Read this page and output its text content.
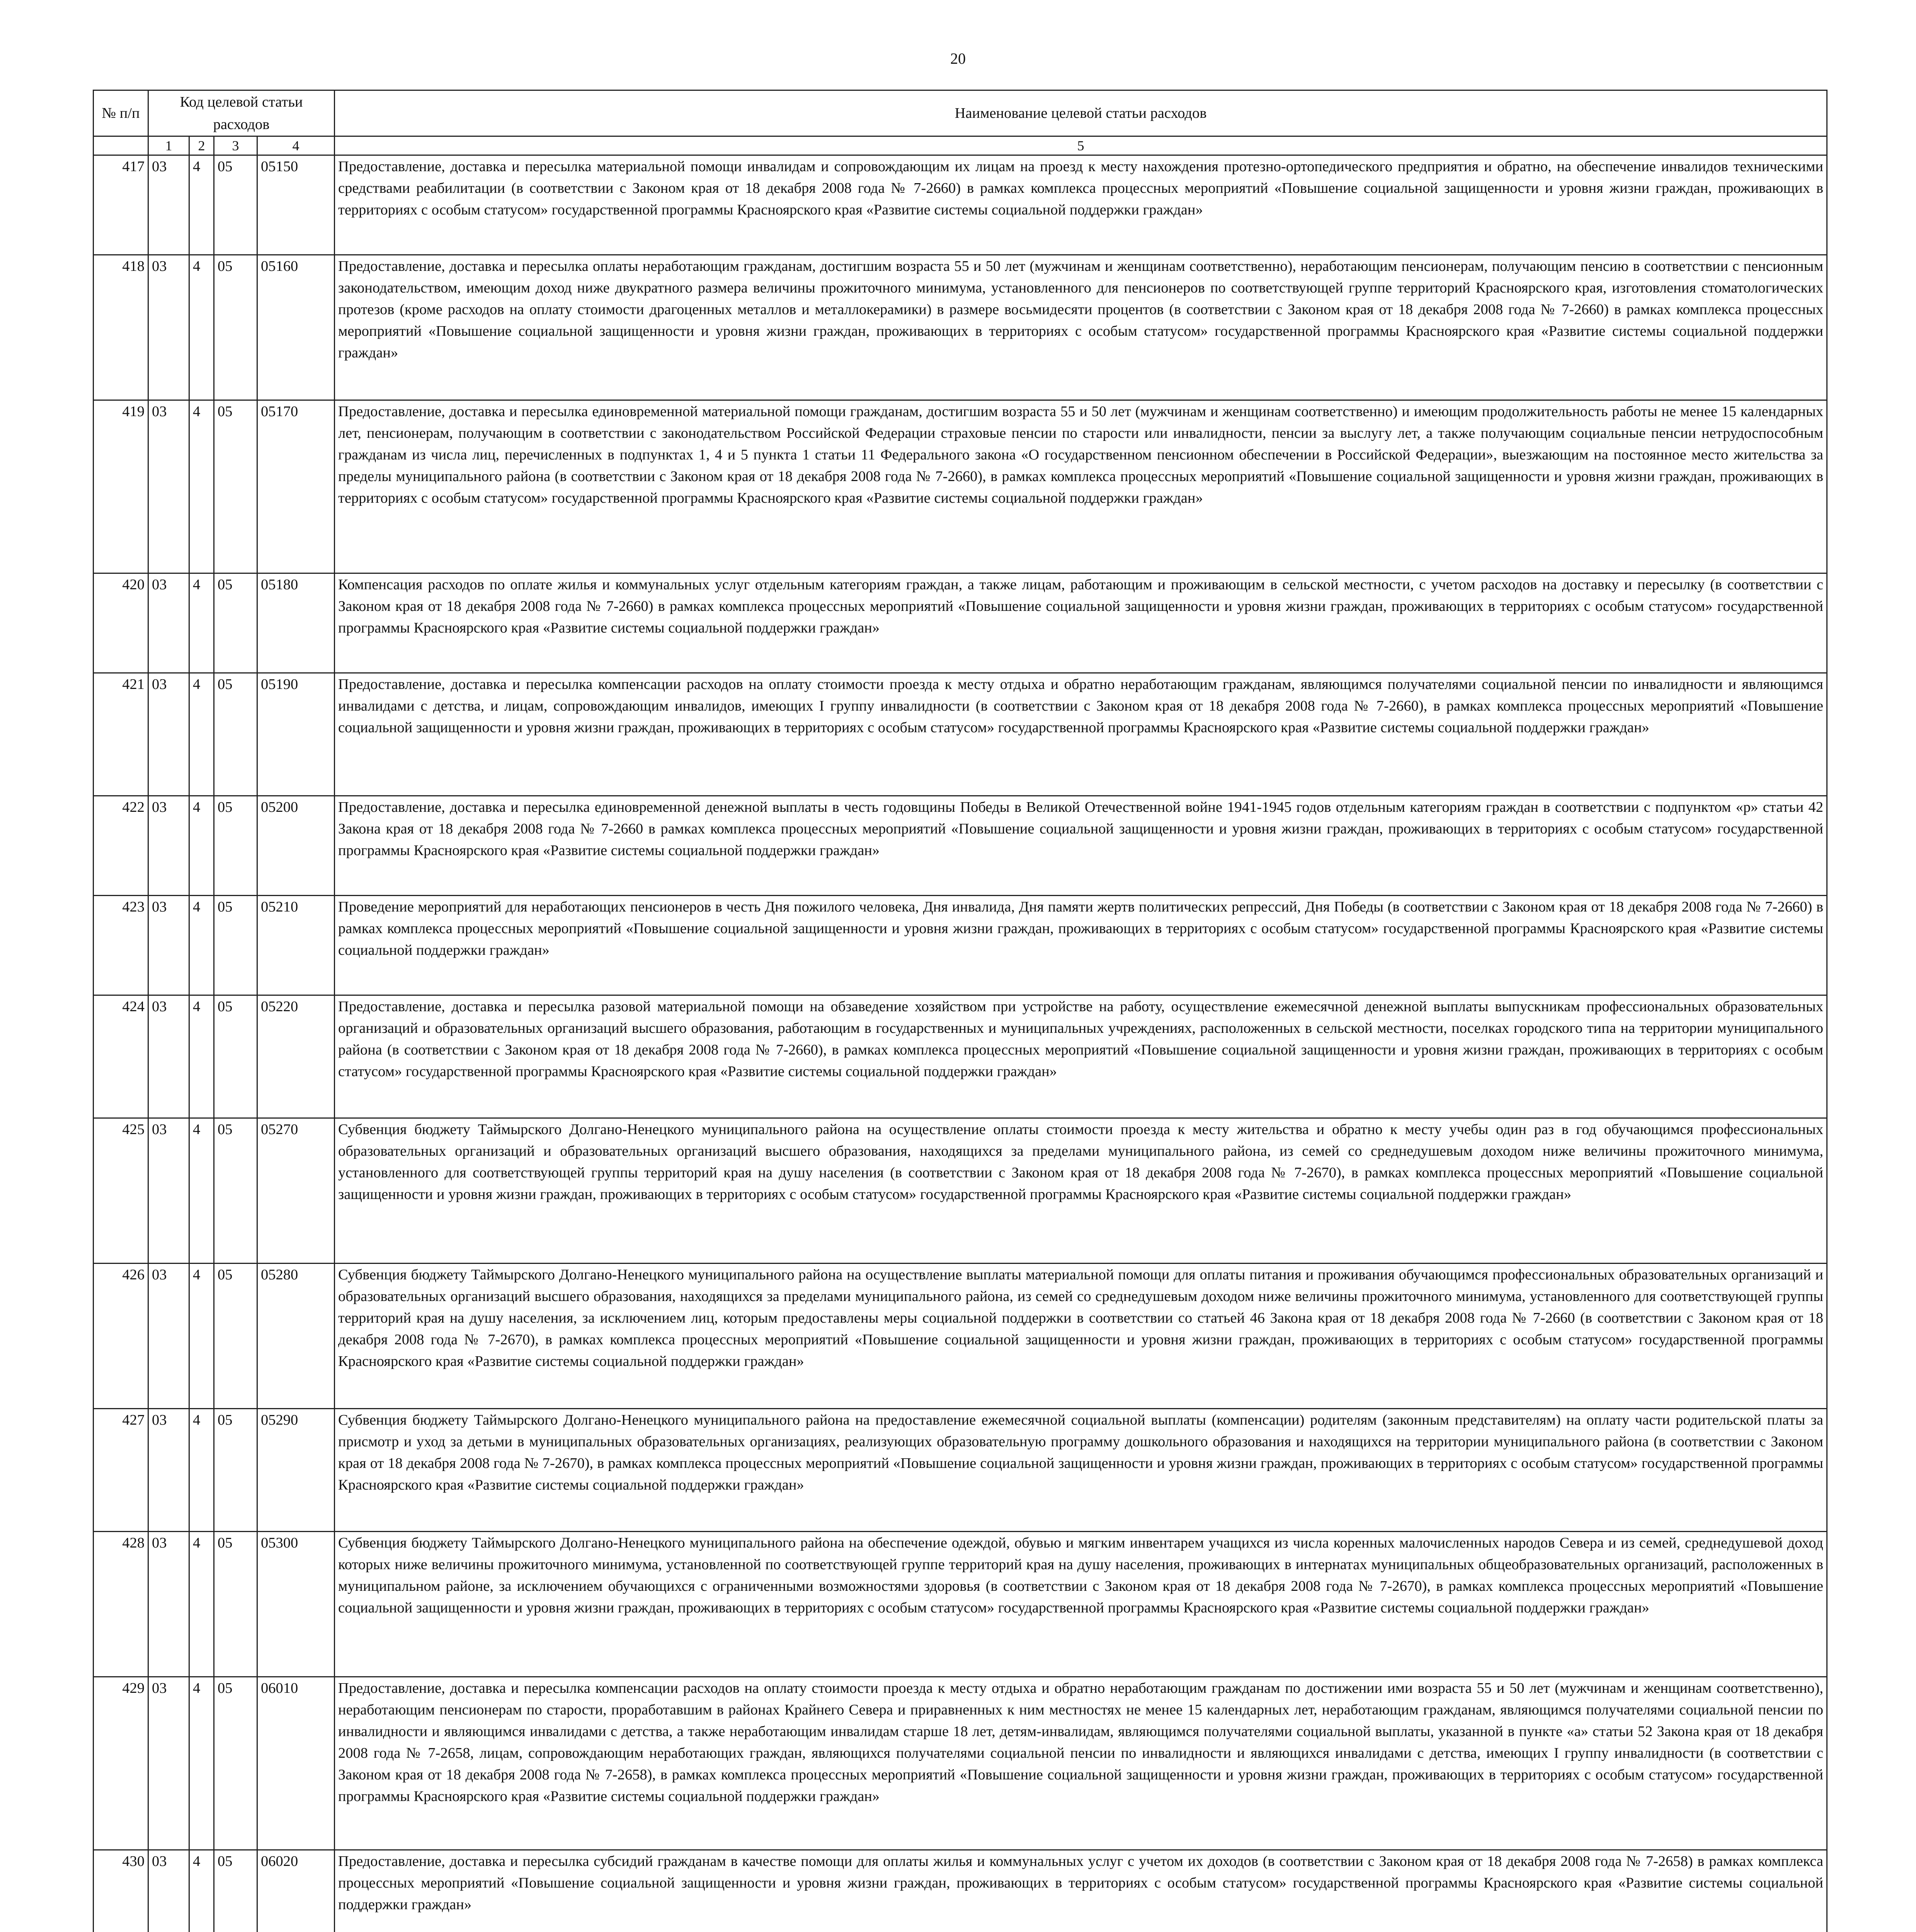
20
№ п/п	Код целевой статьи расходов				Наименование целевой статьи расходов

	1	2	3	4	5
417	03	4	05	05150	Предоставление, доставка и пересылка материальной помощи инвалидам и сопровождающим их лицам на проезд к месту нахождения протезно-ортопедического предприятия и обратно, на обеспечение инвалидов техническими средствами реабилитации (в соответствии с Законом края от 18 декабря 2008 года № 7-2660) в рамках комплекса процессных мероприятий «Повышение социальной защищенности и уровня жизни граждан, проживающих в территориях с особым статусом» государственной программы Красноярского края «Развитие системы социальной поддержки граждан»
418	03	4	05	05160	Предоставление, доставка и пересылка оплаты неработающим гражданам, достигшим возраста 55 и 50 лет (мужчинам и женщинам соответственно), неработающим пенсионерам, получающим пенсию в соответствии с пенсионным законодательством, имеющим доход ниже двукратного размера величины прожиточного минимума, установленного для пенсионеров по соответствующей группе территорий Красноярского края, изготовления стоматологических протезов (кроме расходов на оплату стоимости драгоценных металлов и металлокерамики) в размере восьмидесяти процентов (в соответствии с Законом края от 18 декабря 2008 года № 7-2660) в рамках комплекса процессных мероприятий «Повышение социальной защищенности и уровня жизни граждан, проживающих в территориях с особым статусом» государственной программы Красноярского края «Развитие системы социальной поддержки граждан»
419	03	4	05	05170	Предоставление, доставка и пересылка единовременной материальной помощи гражданам, достигшим возраста 55 и 50 лет (мужчинам и женщинам соответственно) и имеющим продолжительность работы не менее 15 календарных лет, пенсионерам, получающим в соответствии с законодательством Российской Федерации страховые пенсии по старости или инвалидности, пенсии за выслугу лет, а также получающим социальные пенсии нетрудоспособным гражданам из числа лиц, перечисленных в подпунктах 1, 4 и 5 пункта 1 статьи 11 Федерального закона «О государственном пенсионном обеспечении в Российской Федерации», выезжающим на постоянное место жительства за пределы муниципального района (в соответствии с Законом края от 18 декабря 2008 года № 7-2660), в рамках комплекса процессных мероприятий «Повышение социальной защищенности и уровня жизни граждан, проживающих в территориях с особым статусом» государственной программы Красноярского края «Развитие системы социальной поддержки граждан»
420	03	4	05	05180	Компенсация расходов по оплате жилья и коммунальных услуг отдельным категориям граждан, а также лицам, работающим и проживающим в сельской местности, с учетом расходов на доставку и пересылку (в соответствии с Законом края от 18 декабря 2008 года № 7-2660) в рамках комплекса процессных мероприятий «Повышение социальной защищенности и уровня жизни граждан, проживающих в территориях с особым статусом» государственной программы Красноярского края «Развитие системы социальной поддержки граждан»
421	03	4	05	05190	Предоставление, доставка и пересылка компенсации расходов на оплату стоимости проезда к месту отдыха и обратно неработающим гражданам, являющимся получателями социальной пенсии по инвалидности и являющимся инвалидами с детства, и лицам, сопровождающим инвалидов, имеющих I группу инвалидности (в соответствии с Законом края от 18 декабря 2008 года № 7-2660), в рамках комплекса процессных мероприятий «Повышение социальной защищенности и уровня жизни граждан, проживающих в территориях с особым статусом» государственной программы Красноярского края «Развитие системы социальной поддержки граждан»
422	03	4	05	05200	Предоставление, доставка и пересылка единовременной денежной выплаты в честь годовщины Победы в Великой Отечественной войне 1941-1945 годов отдельным категориям граждан в соответствии с подпунктом «р» статьи 42 Закона края от 18 декабря 2008 года № 7-2660 в рамках комплекса процессных мероприятий «Повышение социальной защищенности и уровня жизни граждан, проживающих в территориях с особым статусом» государственной программы Красноярского края «Развитие системы социальной поддержки граждан»
423	03	4	05	05210	Проведение мероприятий для неработающих пенсионеров в честь Дня пожилого человека, Дня инвалида, Дня памяти жертв политических репрессий, Дня Победы (в соответствии с Законом края от 18 декабря 2008 года № 7-2660) в рамках комплекса процессных мероприятий «Повышение социальной защищенности и уровня жизни граждан, проживающих в территориях с особым статусом» государственной программы Красноярского края «Развитие системы социальной поддержки граждан»
424	03	4	05	05220	Предоставление, доставка и пересылка разовой материальной помощи на обзаведение хозяйством при устройстве на работу, осуществление ежемесячной денежной выплаты выпускникам профессиональных образовательных организаций и образовательных организаций высшего образования, работающим в государственных и муниципальных учреждениях, расположенных в сельской местности, поселках городского типа на территории муниципального района (в соответствии с Законом края от 18 декабря 2008 года № 7-2660), в рамках комплекса процессных мероприятий «Повышение социальной защищенности и уровня жизни граждан, проживающих в территориях с особым статусом» государственной программы Красноярского края «Развитие системы социальной поддержки граждан»
425	03	4	05	05270	Субвенция бюджету Таймырского Долгано-Ненецкого муниципального района на осуществление оплаты стоимости проезда к месту жительства и обратно к месту учебы один раз в год обучающимся профессиональных образовательных организаций и образовательных организаций высшего образования, находящихся за пределами муниципального района, из семей со среднедушевым доходом ниже величины прожиточного минимума, установленного для соответствующей группы территорий края на душу населения (в соответствии с Законом края от 18 декабря 2008 года № 7-2670), в рамках комплекса процессных мероприятий «Повышение социальной защищенности и уровня жизни граждан, проживающих в территориях с особым статусом» государственной программы Красноярского края «Развитие системы социальной поддержки граждан»
426	03	4	05	05280	Субвенция бюджету Таймырского Долгано-Ненецкого муниципального района на осуществление выплаты материальной помощи для оплаты питания и проживания обучающимся профессиональных образовательных организаций и образовательных организаций высшего образования, находящихся за пределами муниципального района, из семей со среднедушевым доходом ниже величины прожиточного минимума, установленного для соответствующей группы территорий края на душу населения, за исключением лиц, которым предоставлены меры социальной поддержки в соответствии со статьей 46 Закона края от 18 декабря 2008 года № 7-2660 (в соответствии с Законом края от 18 декабря 2008 года № 7-2670), в рамках комплекса процессных мероприятий «Повышение социальной защищенности и уровня жизни граждан, проживающих в территориях с особым статусом» государственной программы Красноярского края «Развитие системы социальной поддержки граждан»
427	03	4	05	05290	Субвенция бюджету Таймырского Долгано-Ненецкого муниципального района на предоставление ежемесячной социальной выплаты (компенсации) родителям (законным представителям) на оплату части родительской платы за присмотр и уход за детьми в муниципальных образовательных организациях, реализующих образовательную программу дошкольного образования и находящихся на территории муниципального района (в соответствии с Законом края от 18 декабря 2008 года № 7-2670), в рамках комплекса процессных мероприятий «Повышение социальной защищенности и уровня жизни граждан, проживающих в территориях с особым статусом» государственной программы Красноярского края «Развитие системы социальной поддержки граждан»
428	03	4	05	05300	Субвенция бюджету Таймырского Долгано-Ненецкого муниципального района на обеспечение одеждой, обувью и мягким инвентарем учащихся из числа коренных малочисленных народов Севера и из семей, среднедушевой доход которых ниже величины прожиточного минимума, установленной по соответствующей группе территорий края на душу населения, проживающих в интернатах муниципальных общеобразовательных организаций, расположенных в муниципальном районе, за исключением обучающихся с ограниченными возможностями здоровья (в соответствии с Законом края от 18 декабря 2008 года № 7-2670), в рамках комплекса процессных мероприятий «Повышение социальной защищенности и уровня жизни граждан, проживающих в территориях с особым статусом» государственной программы Красноярского края «Развитие системы социальной поддержки граждан»
429	03	4	05	06010	Предоставление, доставка и пересылка компенсации расходов на оплату стоимости проезда к месту отдыха и обратно неработающим гражданам по достижении ими возраста 55 и 50 лет (мужчинам и женщинам соответственно), неработающим пенсионерам по старости, проработавшим в районах Крайнего Севера и приравненных к ним местностях не менее 15 календарных лет, неработающим гражданам, являющимся получателями социальной пенсии по инвалидности и являющимся инвалидами с детства, а также неработающим инвалидам старше 18 лет, детям-инвалидам, являющимся получателями социальной выплаты, указанной в пункте «а» статьи 52 Закона края от 18 декабря 2008 года № 7-2658, лицам, сопровождающим неработающих граждан, являющихся получателями социальной пенсии по инвалидности и являющихся инвалидами с детства, имеющих I группу инвалидности (в соответствии с Законом края от 18 декабря 2008 года № 7-2658), в рамках комплекса процессных мероприятий «Повышение социальной защищенности и уровня жизни граждан, проживающих в территориях с особым статусом» государственной программы Красноярского края «Развитие системы социальной поддержки граждан»
430	03	4	05	06020	Предоставление, доставка и пересылка субсидий гражданам в качестве помощи для оплаты жилья и коммунальных услуг с учетом их доходов (в соответствии с Законом края от 18 декабря 2008 года № 7-2658) в рамках комплекса процессных мероприятий «Повышение социальной защищенности и уровня жизни граждан, проживающих в территориях с особым статусом» государственной программы Красноярского края «Развитие системы социальной поддержки граждан»
